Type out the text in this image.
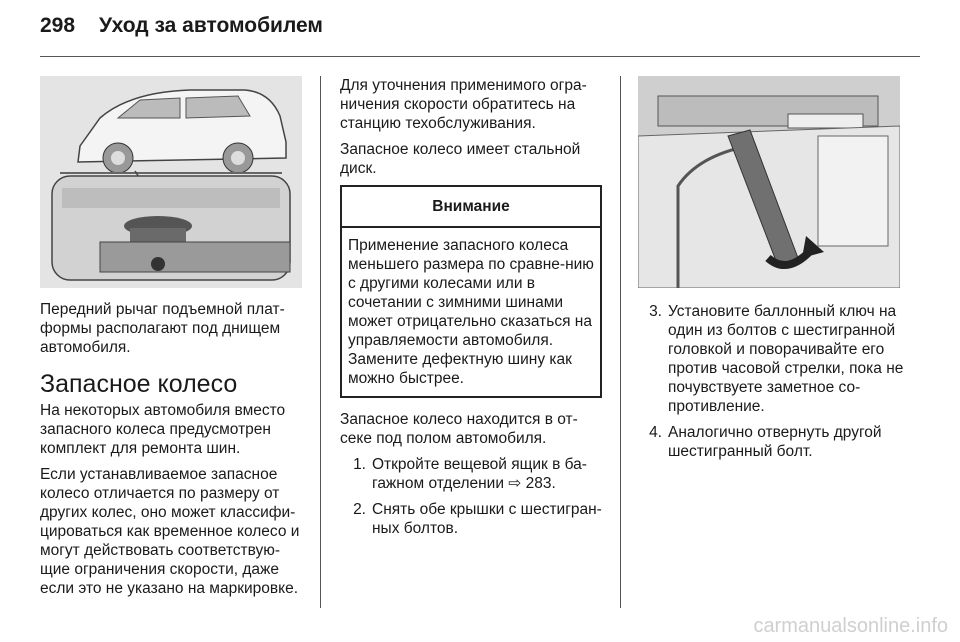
298 Уход за автомобилем

Передний рычаг подъемной плат-формы располагают под днищем автомобиля.

Запасное колесо

На некоторых автомобиля вместо запасного колеса предусмотрен комплект для ремонта шин.

Если устанавливаемое запасное колесо отличается по размеру от других колес, оно может классифи-цироваться как временное колесо и могут действовать соответствую-щие ограничения скорости, даже если это не указано на маркировке.

Для уточнения применимого огра-ничения скорости обратитесь на станцию техобслуживания.

Запасное колесо имеет стальной диск.

Внимание
Применение запасного колеса меньшего размера по сравне-нию с другими колесами или в сочетании с зимними шинами может отрицательно сказаться на управляемости автомобиля. Замените дефектную шину как можно быстрее.

Запасное колесо находится в от-секе под полом автомобиля.

1. Откройте вещевой ящик в ба-гажном отделении ⇨ 283.
2. Снять обе крышки с шестигран-ных болтов.
3. Установите баллонный ключ на один из болтов с шестигранной головкой и поворачивайте его против часовой стрелки, пока не почувствуете заметное со-противление.
4. Аналогично отвернуть другой шестигранный болт.
carmanualsonline.info
